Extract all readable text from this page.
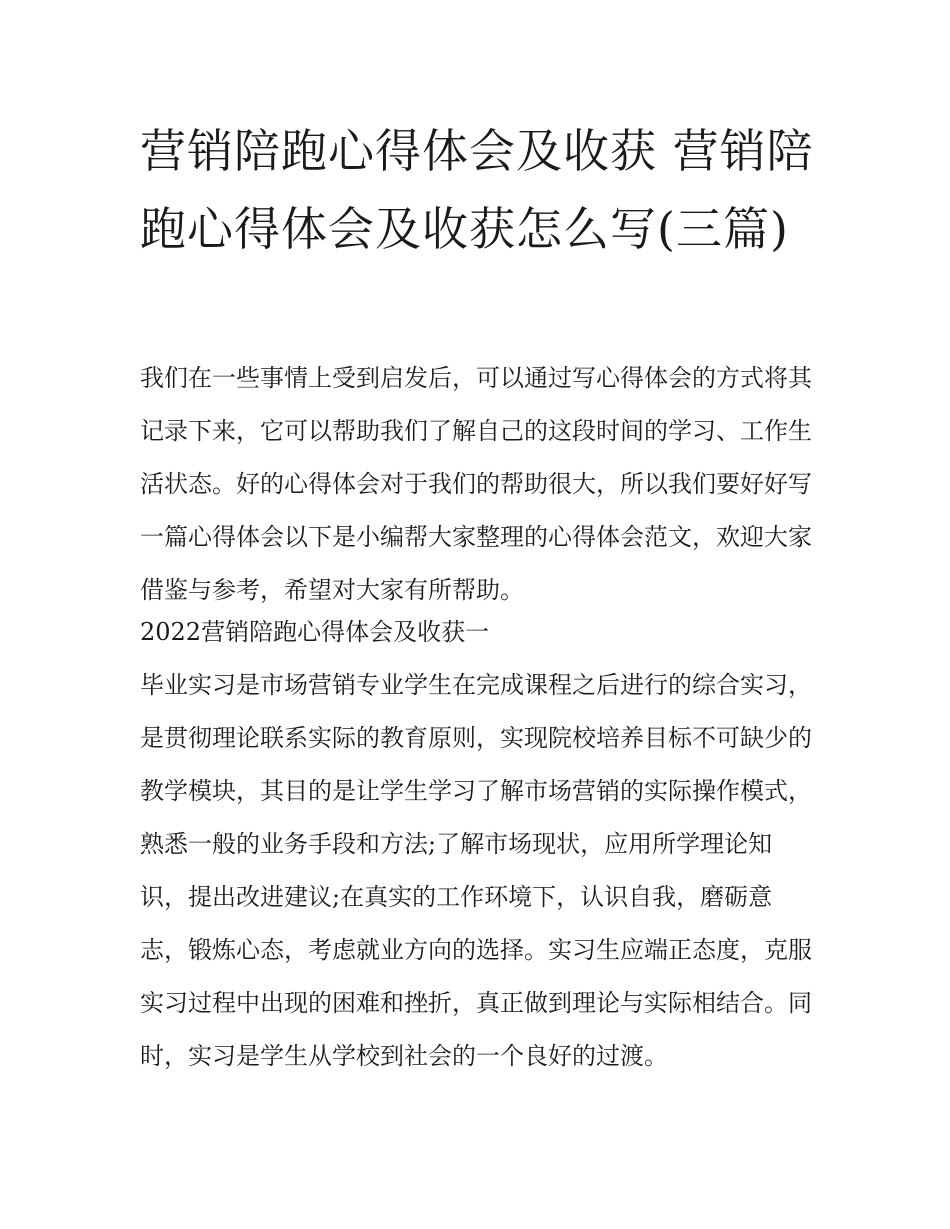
营销陪跑心得体会及收获 营销陪跑心得体会及收获怎么写(三篇)

我们在一些事情上受到启发后，可以通过写心得体会的方式将其记录下来，它可以帮助我们了解自己的这段时间的学习、工作生活状态。好的心得体会对于我们的帮助很大，所以我们要好好写一篇心得体会以下是小编帮大家整理的心得体会范文，欢迎大家借鉴与参考，希望对大家有所帮助。

2022营销陪跑心得体会及收获一

毕业实习是市场营销专业学生在完成课程之后进行的综合实习，是贯彻理论联系实际的教育原则，实现院校培养目标不可缺少的教学模块，其目的是让学生学习了解市场营销的实际操作模式，熟悉一般的业务手段和方法;了解市场现状，应用所学理论知识，提出改进建议;在真实的工作环境下，认识自我，磨砺意志，锻炼心态，考虑就业方向的选择。实习生应端正态度，克服实习过程中出现的困难和挫折，真正做到理论与实际相结合。同时，实习是学生从学校到社会的一个良好的过渡。
